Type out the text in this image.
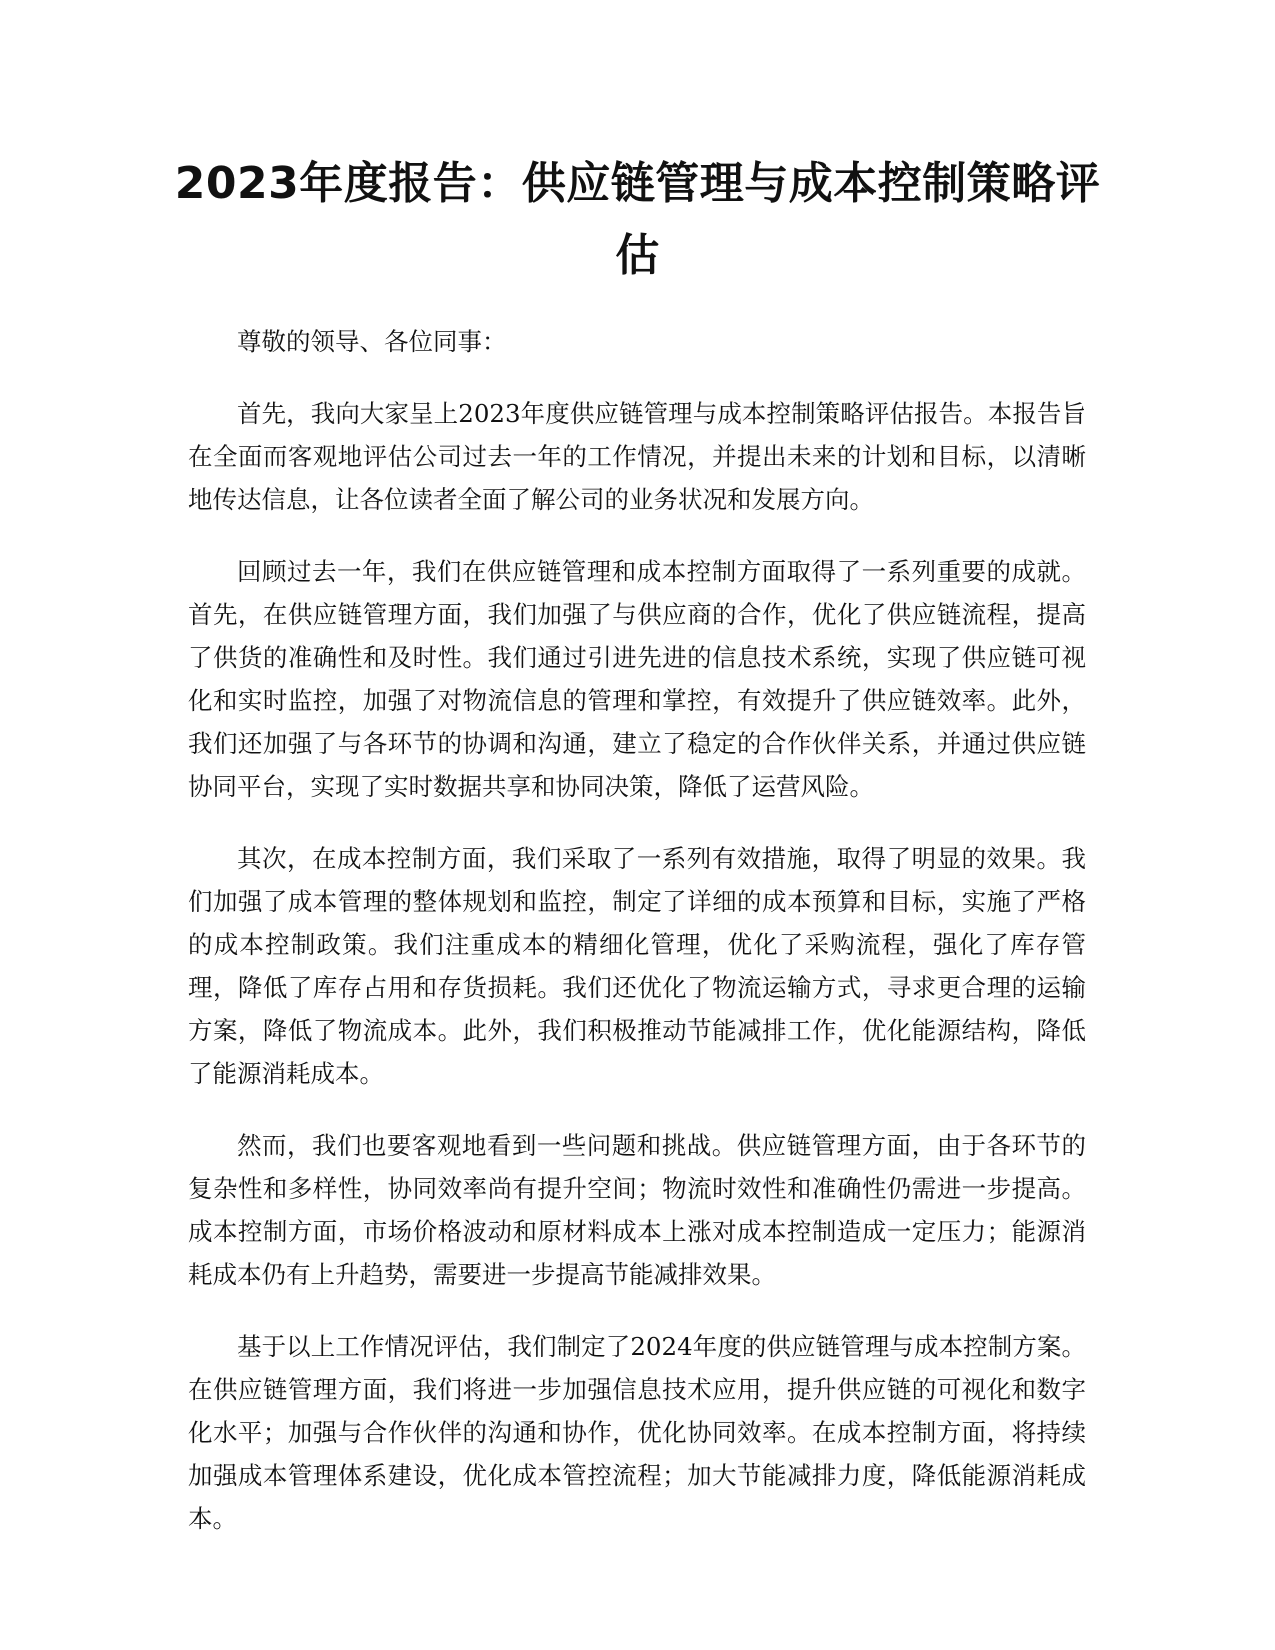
2023年度报告：供应链管理与成本控制策略评估

尊敬的领导、各位同事：

首先，我向大家呈上2023年度供应链管理与成本控制策略评估报告。本报告旨在全面而客观地评估公司过去一年的工作情况，并提出未来的计划和目标，以清晰地传达信息，让各位读者全面了解公司的业务状况和发展方向。

回顾过去一年，我们在供应链管理和成本控制方面取得了一系列重要的成就。首先，在供应链管理方面，我们加强了与供应商的合作，优化了供应链流程，提高了供货的准确性和及时性。我们通过引进先进的信息技术系统，实现了供应链可视化和实时监控，加强了对物流信息的管理和掌控，有效提升了供应链效率。此外，我们还加强了与各环节的协调和沟通，建立了稳定的合作伙伴关系，并通过供应链协同平台，实现了实时数据共享和协同决策，降低了运营风险。

其次，在成本控制方面，我们采取了一系列有效措施，取得了明显的效果。我们加强了成本管理的整体规划和监控，制定了详细的成本预算和目标，实施了严格的成本控制政策。我们注重成本的精细化管理，优化了采购流程，强化了库存管理，降低了库存占用和存货损耗。我们还优化了物流运输方式，寻求更合理的运输方案，降低了物流成本。此外，我们积极推动节能减排工作，优化能源结构，降低了能源消耗成本。

然而，我们也要客观地看到一些问题和挑战。供应链管理方面，由于各环节的复杂性和多样性，协同效率尚有提升空间；物流时效性和准确性仍需进一步提高。成本控制方面，市场价格波动和原材料成本上涨对成本控制造成一定压力；能源消耗成本仍有上升趋势，需要进一步提高节能减排效果。

基于以上工作情况评估，我们制定了2024年度的供应链管理与成本控制方案。在供应链管理方面，我们将进一步加强信息技术应用，提升供应链的可视化和数字化水平；加强与合作伙伴的沟通和协作，优化协同效率。在成本控制方面，将持续加强成本管理体系建设，优化成本管控流程；加大节能减排力度，降低能源消耗成本。
